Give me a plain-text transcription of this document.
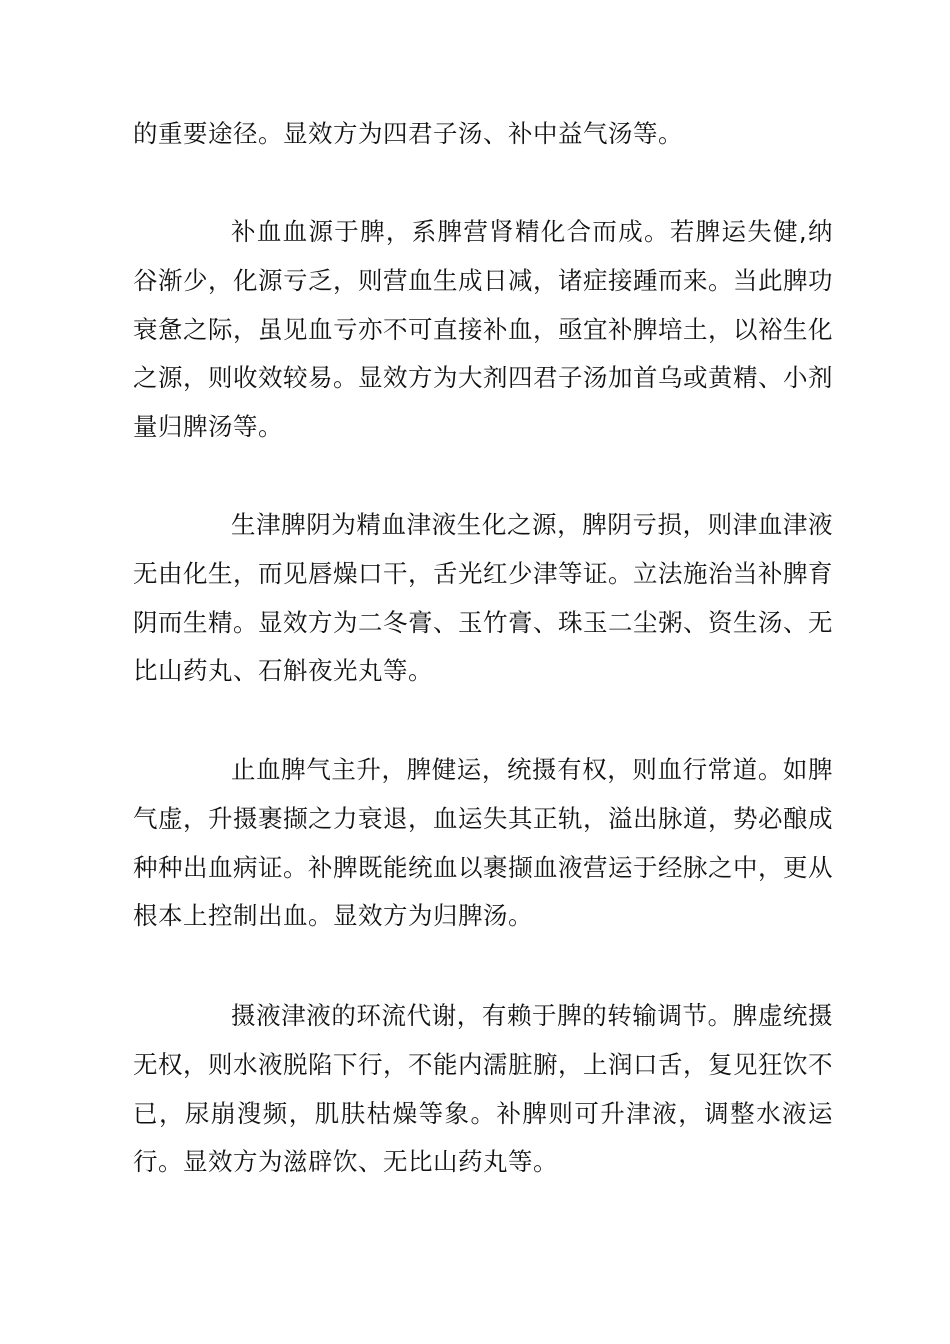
的重要途径。显效方为四君子汤、补中益气汤等。

补血血源于脾，系脾营肾精化合而成。若脾运失健,纳谷渐少，化源亏乏，则营血生成日减，诸症接踵而来。当此脾功衰惫之际，虽见血亏亦不可直接补血，亟宜补脾培土，以裕生化之源，则收效较易。显效方为大剂四君子汤加首乌或黄精、小剂量归脾汤等。

生津脾阴为精血津液生化之源，脾阴亏损，则津血津液无由化生，而见唇燥口干，舌光红少津等证。立法施治当补脾育阴而生精。显效方为二冬膏、玉竹膏、珠玉二尘粥、资生汤、无比山药丸、石斛夜光丸等。

止血脾气主升，脾健运，统摄有权，则血行常道。如脾气虚，升摄裹撷之力衰退，血运失其正轨，溢出脉道，势必酿成种种出血病证。补脾既能统血以裹撷血液营运于经脉之中，更从根本上控制出血。显效方为归脾汤。

摄液津液的环流代谢，有赖于脾的转输调节。脾虚统摄无权，则水液脱陷下行，不能内濡脏腑，上润口舌，复见狂饮不已，尿崩溲频，肌肤枯燥等象。补脾则可升津液，调整水液运行。显效方为滋辟饮、无比山药丸等。
